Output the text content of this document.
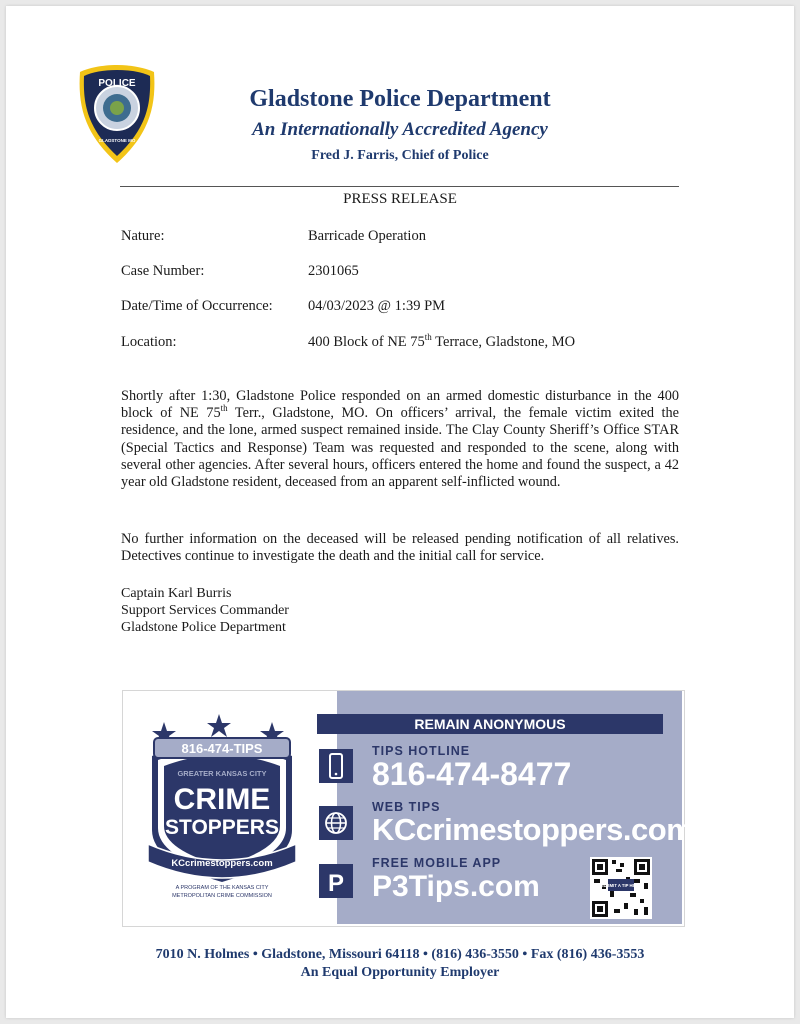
POLICE
GLADSTONE MO
Gladstone Police Department
An Internationally Accredited Agency
Fred J. Farris, Chief of Police
PRESS RELEASE
Nature:	Barricade Operation
Case Number:	2301065
Date/Time of Occurrence: 04/03/2023 @ 1:39 PM
Location:	400 Block of NE 75th Terrace, Gladstone, MO
Shortly after 1:30, Gladstone Police responded on an armed domestic disturbance in the 400 block of NE 75th Terr., Gladstone, MO. On officers’ arrival, the female victim exited the residence, and the lone, armed suspect remained inside. The Clay County Sheriff’s Office STAR (Special Tactics and Response) Team was requested and responded to the scene, along with several other agencies. After several hours, officers entered the home and found the suspect, a 42 year old Gladstone resident, deceased from an apparent self-inflicted wound.
No further information on the deceased will be released pending notification of all relatives. Detectives continue to investigate the death and the initial call for service.
Captain Karl Burris
Support Services Commander
Gladstone Police Department
816-474-TIPS
GREATER KANSAS CITY
CRIME
STOPPERS
KCcrimestoppers.com
A PROGRAM OF THE KANSAS CITY
METROPOLITAN CRIME COMMISSION
REMAIN ANONYMOUS
TIPS HOTLINE
816-474-8477
WEB TIPS
KCcrimestoppers.com
P
3
FREE MOBILE APP
P3Tips.com	SUBMIT A TIP HERE
7010 N. Holmes • Gladstone, Missouri 64118 • (816) 436-3550 • Fax (816) 436-3553
An Equal Opportunity Employer
